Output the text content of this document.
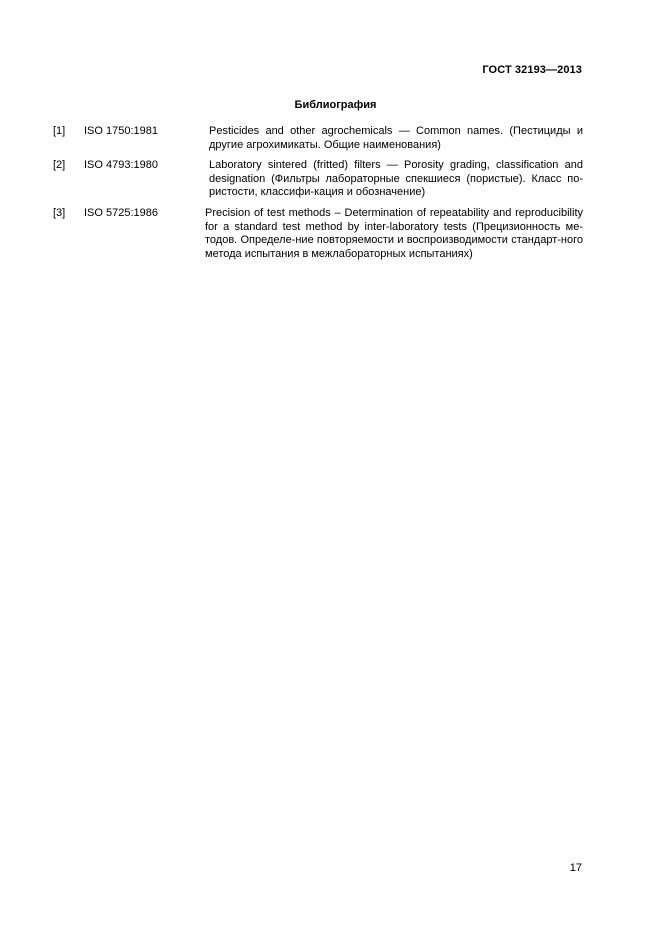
ГОСТ 32193—2013
Библиография
[1] ISO 1750:1981	Pesticides and other agrochemicals — Common names. (Пестициды и другие агрохимикаты. Общие наименования)
[2] ISO 4793:1980	Laboratory sintered (fritted) filters — Porosity grading, classification and designation (Фильтры лабораторные спекшиеся (пористые). Класс по-ристости, классифи-кация и обозначение)
[3] ISO 5725:1986	Precision of test methods – Determination of repeatability and reproducibility for a standard test method by inter-laboratory tests (Прецизионность ме-тодов. Определе-ние повторяемости и воспроизводимости стандарт-ного метода испытания в межлабораторных испытаниях)
17
